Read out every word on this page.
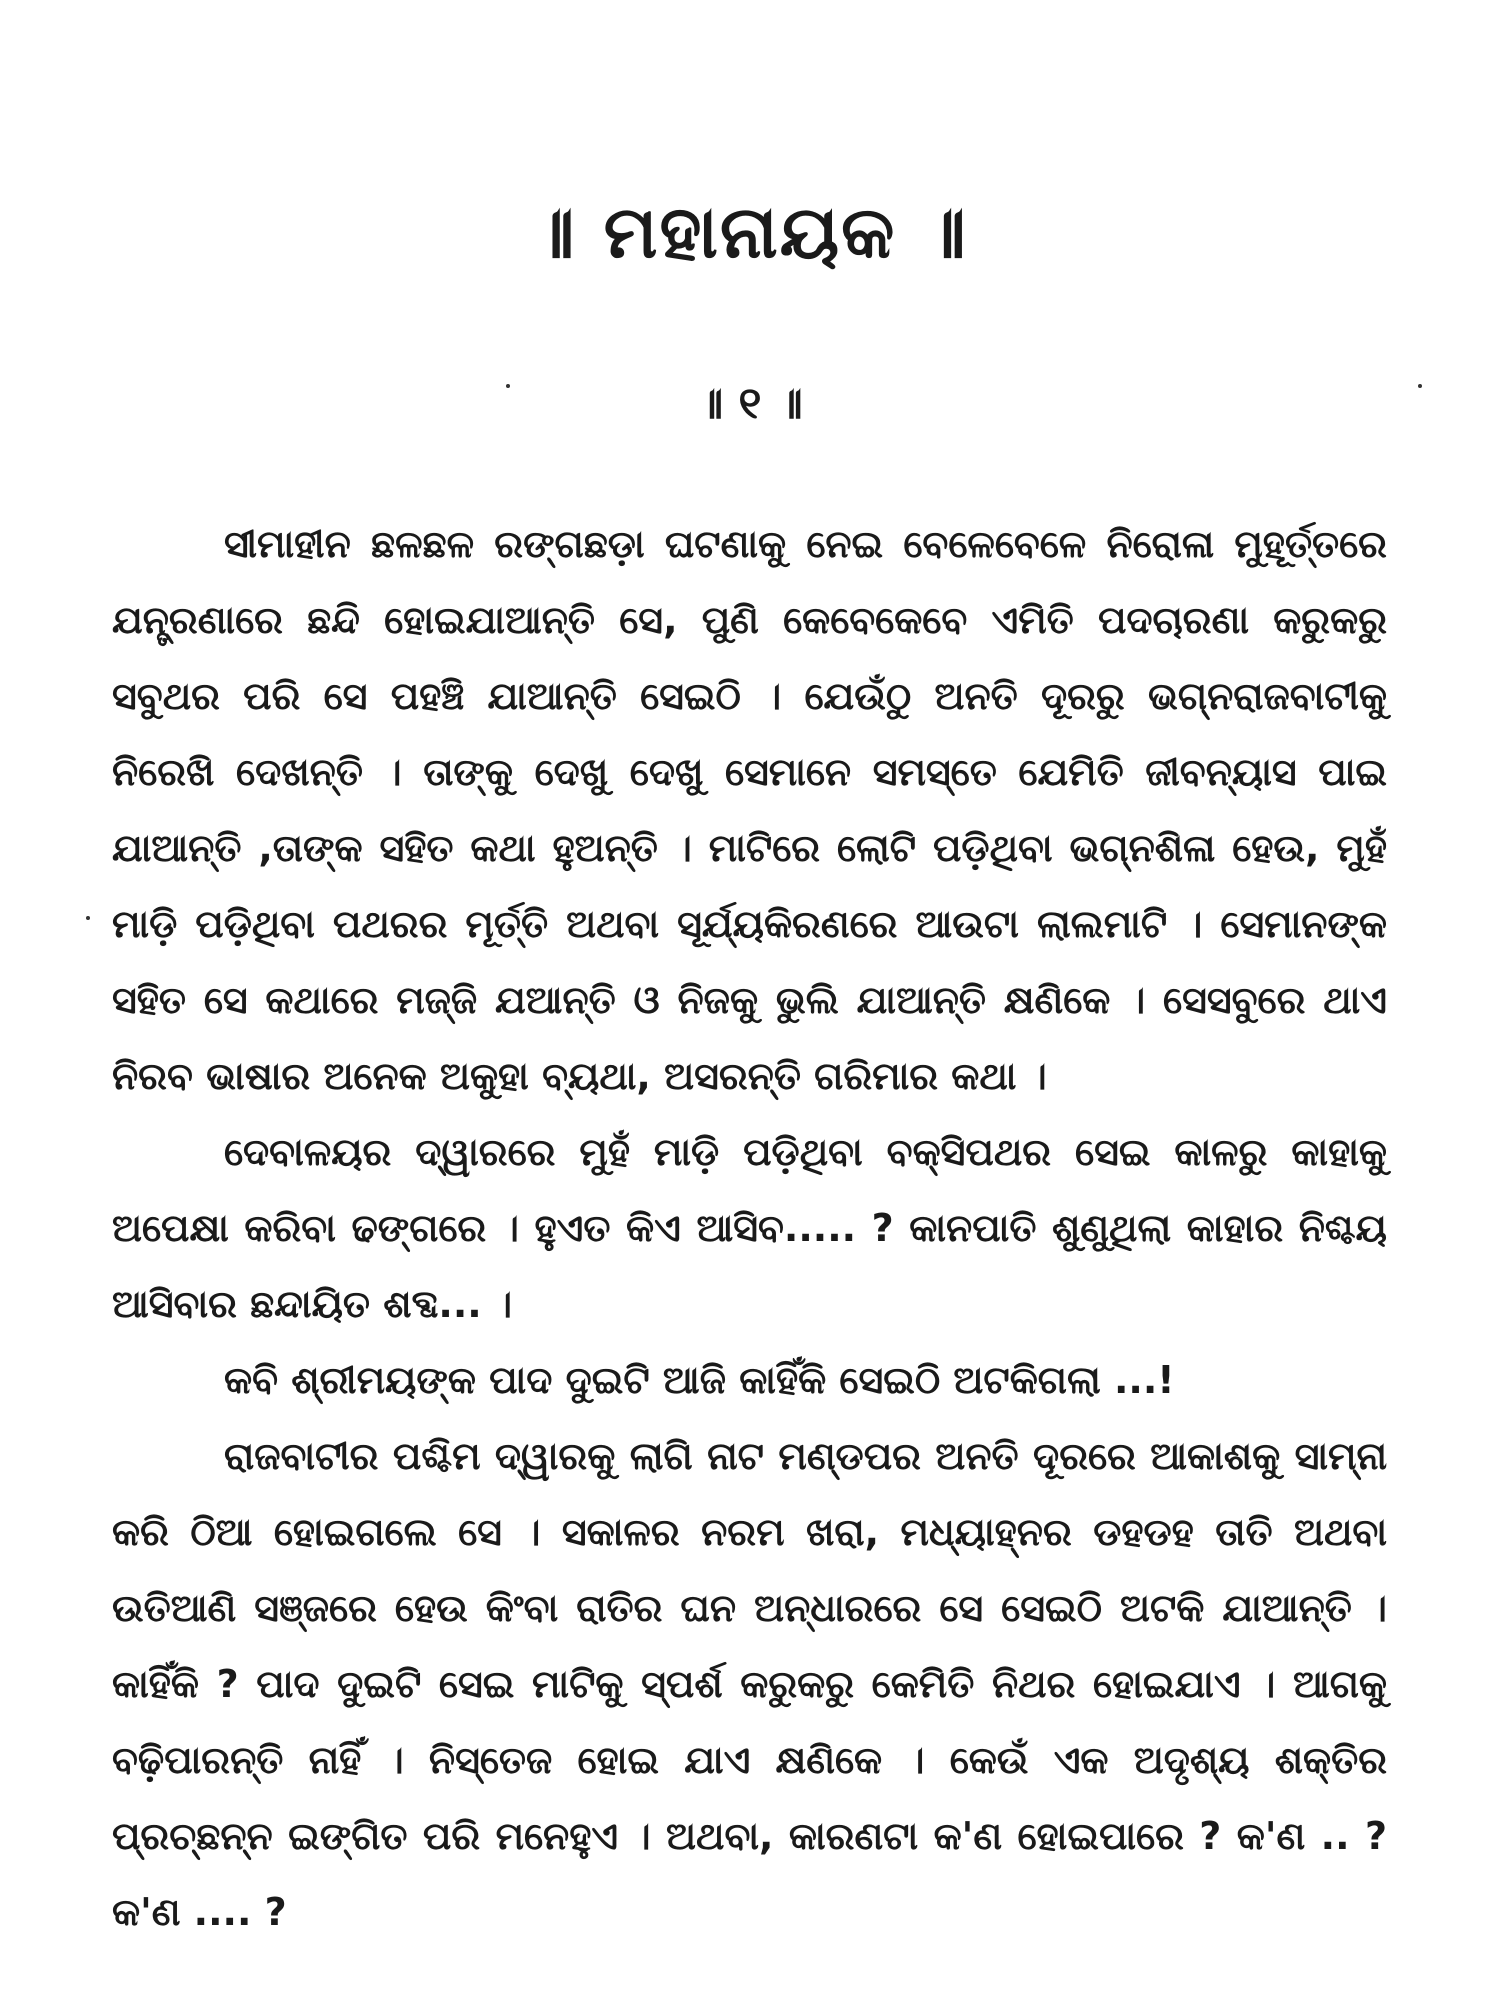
॥ ମହାନାୟକ ॥
॥ ୧ ॥

ସୀମାହୀନ ଛଳଛଳ ରଙ୍ଗଛଡ଼ା ଘଟଣାକୁ ନେଇ ବେଳେବେଳେ ନିରୋଳା ମୁହୂର୍ତ୍ତରେ ଯନ୍ତ୍ରଣାରେ ଛନ୍ଦି ହୋଇଯାଆନ୍ତି ସେ, ପୁଣି କେବେକେବେ ଏମିତି ପଦଚାରଣା କରୁକରୁ ସବୁଥର ପରି ସେ ପହଞ୍ଚି ଯାଆନ୍ତି ସେଇଠି । ଯେଉଁଠୁ ଅନତି ଦୂରରୁ ଭଗ୍ନରାଜବାଟୀକୁ ନିରେଖି ଦେଖନ୍ତି । ତାଙ୍କୁ ଦେଖୁ ଦେଖୁ ସେମାନେ ସମସ୍ତେ ଯେମିତି ଜୀବନ୍ୟାସ ପାଇ ଯାଆନ୍ତି ,ତାଙ୍କ ସହିତ କଥା ହୁଅନ୍ତି । ମାଟିରେ ଲୋଟି ପଡ଼ିଥିବା ଭଗ୍ନଶିଳା ହେଉ, ମୁହଁ ମାଡ଼ି ପଡ଼ିଥିବା ପଥରର ମୂର୍ତ୍ତି ଅଥବା ସୂର୍ଯ୍ୟକିରଣରେ ଆଉଟା ଲାଲମାଟି । ସେମାନଙ୍କ ସହିତ ସେ କଥାରେ ମଜ୍ଜି ଯଆନ୍ତି ଓ ନିଜକୁ ଭୁଲି ଯାଆନ୍ତି କ୍ଷଣିକେ । ସେସବୁରେ ଥାଏ ନିରବ ଭାଷାର ଅନେକ ଅକୁହା ବ୍ୟଥା, ଅସରନ୍ତି ଗରିମାର କଥା ।

ଦେବାଳୟର ଦ୍ୱାରରେ ମୁହଁ ମାଡ଼ି ପଡ଼ିଥିବା ବକ୍ସିପଥର ସେଇ କାଳରୁ କାହାକୁ ଅପେକ୍ଷା କରିବା ଢଙ୍ଗରେ । ହୁଏତ କିଏ ଆସିବ..... ? କାନପାତି ଶୁଣୁଥିଲା କାହାର ନିଶ୍ଚୟ ଆସିବାର ଛନ୍ଦାୟିତ ଶବ୍ଦ... ।

କବି ଶ୍ରୀମୟଙ୍କ ପାଦ ଦୁଇଟି ଆଜି କାହିଁକି ସେଇଠି ଅଟକିଗଲା ...!

ରାଜବାଟୀର ପଶ୍ଚିମ ଦ୍ୱାରକୁ ଲାଗି ନାଟ ମଣ୍ଡପର ଅନତି ଦୂରରେ ଆକାଶକୁ ସାମ୍ନା କରି ଠିଆ ହୋଇଗଲେ ସେ । ସକାଳର ନରମ ଖରା, ମଧ୍ୟାହ୍ନର ଡହଡହ ତାତି ଅଥବା ଉତିଆଣି ସଞ୍ଜରେ ହେଉ କିଂବା ରାତିର ଘନ ଅନ୍ଧାରରେ ସେ ସେଇଠି ଅଟକି ଯାଆନ୍ତି । କାହିଁକି ? ପାଦ ଦୁଇଟି ସେଇ ମାଟିକୁ ସ୍ପର୍ଶ କରୁକରୁ କେମିତି ନିଥର ହୋଇଯାଏ । ଆଗକୁ ବଢ଼ିପାରନ୍ତି ନାହିଁ । ନିସ୍ତେଜ ହୋଇ ଯାଏ କ୍ଷଣିକେ । କେଉଁ ଏକ ଅଦୃଶ୍ୟ ଶକ୍ତିର ପ୍ରଚ୍ଛନ୍ନ ଇଙ୍ଗିତ ପରି ମନେହୁଏ । ଅଥବା, କାରଣଟା କ'ଣ ହୋଇପାରେ ? କ'ଣ .. ? କ'ଣ .... ?
